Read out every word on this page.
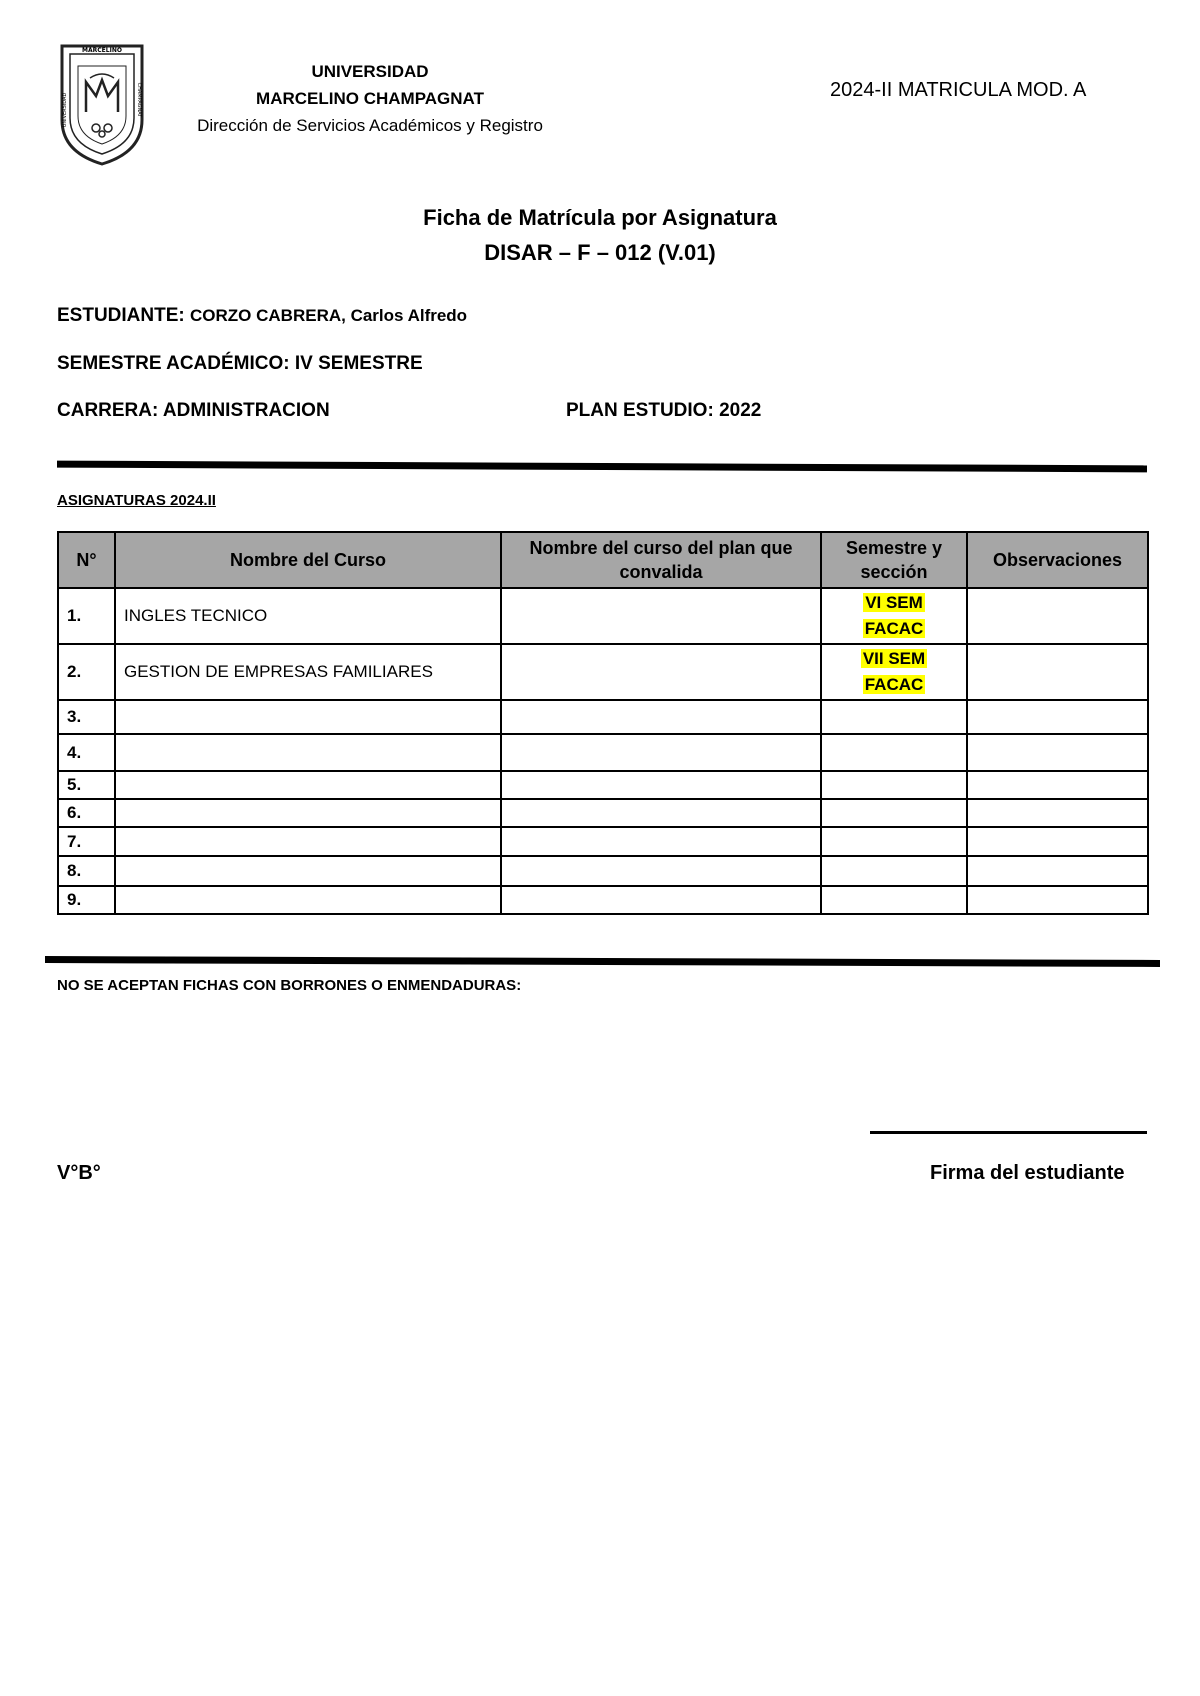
MARCELINO
UNIVERSIDAD	CHAMPAGNAT
UNIVERSIDAD
MARCELINO CHAMPAGNAT
Dirección de Servicios Académicos y Registro
2024-II MATRICULA MOD. A
Ficha de Matrícula por Asignatura
DISAR – F – 012 (V.01)
ESTUDIANTE: CORZO CABRERA, Carlos Alfredo
SEMESTRE ACADÉMICO: IV SEMESTRE
CARRERA: ADMINISTRACION	PLAN ESTUDIO: 2022
ASIGNATURAS 2024.II
N°	Nombre del Curso	Nombre del curso del plan que convalida	Semestre y sección	Observaciones
1.	INGLES TECNICO		VI SEM
FACAC	
2.	GESTION DE EMPRESAS FAMILIARES		VII SEM
FACAC	
3.				
4.				
5.				
6.				
7.				
8.				
9.				
NO SE ACEPTAN FICHAS CON BORRONES O ENMENDADURAS:
V°B°	Firma del estudiante
